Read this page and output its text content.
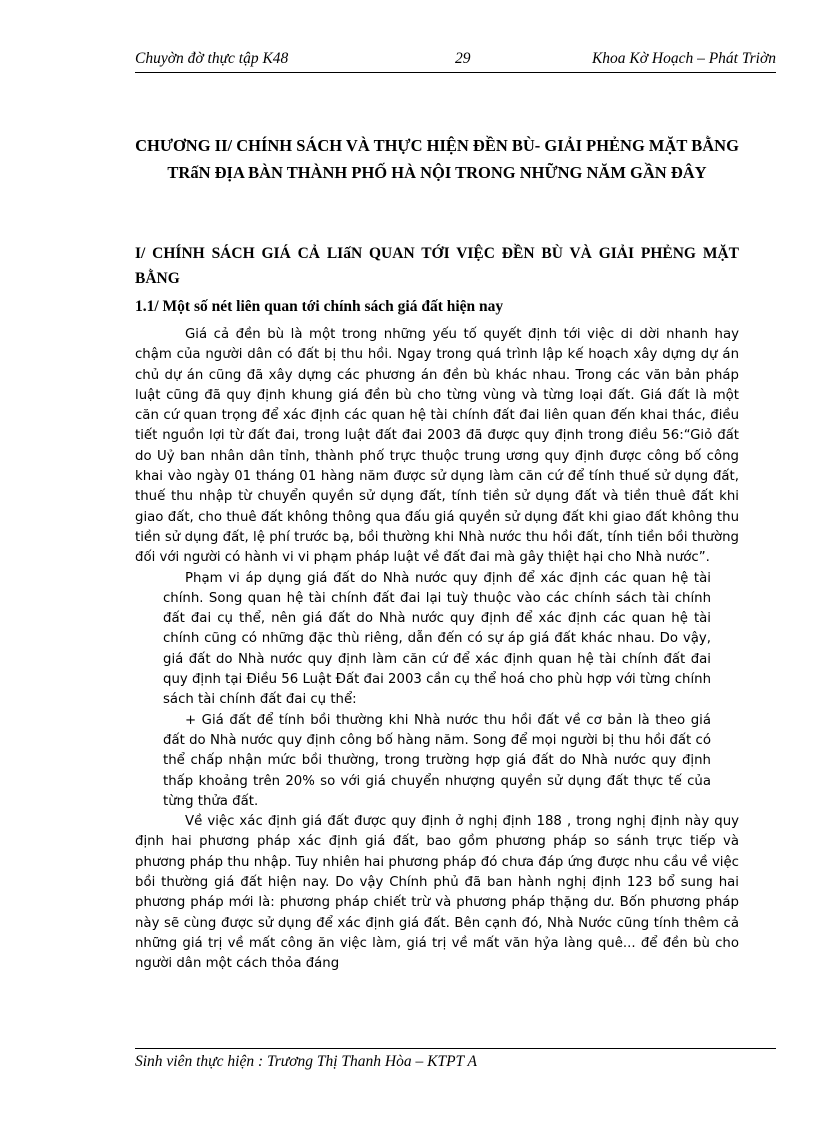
Chuyờn đờ thực tập K48	29	Khoa Kờ Hoạch – Phát Triờn
CHƯƠNG II/ CHÍNH SÁCH VÀ THỰC HIỆN ĐỀN BÙ- GIẢI PHẺNG MẶT BẰNG TRấN ĐỊA BÀN THÀNH PHỐ HÀ NỘI TRONG NHỮNG NĂM GẦN ĐÂY
I/ CHÍNH SÁCH GIÁ CẢ LIấN QUAN TỚI VIỆC ĐỀN BÙ VÀ GIẢI PHẺNG MẶT BẰNG
1.1/ Một số nét liên quan tới chính sách giá đất hiện nay

Giá cả đền bù là một trong những yếu tố quyết định tới việc di dời nhanh hay chậm của người dân có đất bị thu hồi. Ngay trong quá trình lập kế hoạch xây dựng dự án chủ dự án cũng đã xây dựng các phương án đền bù khác nhau. Trong các văn bản pháp luật cũng đã quy định khung giá đền bù cho từng vùng và từng loại đất. Giá đất là một căn cứ quan trọng để xác định các quan hệ tài chính đất đai liên quan đến khai thác, điều tiết nguồn lợi từ đất đai, trong luật đất đai 2003 đã được quy định trong điều 56:“Giỏ đất do Uỷ ban nhân dân tỉnh, thành phố trực thuộc trung ương quy định được công bố công khai vào ngày 01 tháng 01 hàng năm được sử dụng làm căn cứ để tính thuế sử dụng đất, thuế thu nhập từ chuyển quyền sử dụng đất, tính tiền sử dụng đất và tiền thuê đất khi giao đất, cho thuê đất không thông qua đấu giá quyền sử dụng đất khi giao đất không thu tiền sử dụng đất, lệ phí trước bạ, bồi thường khi Nhà nước thu hồi đất, tính tiền bồi thường đối với người có hành vi vi phạm pháp luật về đất đai mà gây thiệt hại cho Nhà nước”.

Phạm vi áp dụng giá đất do Nhà nước quy định để xác định các quan hệ tài chính. Song quan hệ tài chính đất đai lại tuỳ thuộc vào các chính sách tài chính đất đai cụ thể, nên giá đất do Nhà nước quy định để xác định các quan hệ tài chính cũng có những đặc thù riêng, dẫn đến có sự áp giá đất khác nhau. Do vậy, giá đất do Nhà nước quy định làm căn cứ để xác định quan hệ tài chính đất đai quy định tại Điều 56 Luật Đất đai 2003 cần cụ thể hoá cho phù hợp với từng chính sách tài chính đất đai cụ thể:

+ Giá đất để tính bồi thường khi Nhà nước thu hồi đất về cơ bản là theo giá đất do Nhà nước quy định công bố hàng năm. Song để mọi người bị thu hồi đất có thể chấp nhận mức bồi thường, trong trường hợp giá đất do Nhà nước quy định thấp khoảng trên 20% so với giá chuyển nhượng quyền sử dụng đất thực tế của từng thửa đất.

Về việc xác định giá đất được quy định ở nghị định 188 , trong nghị định này quy định hai phương pháp xác định giá đất, bao gồm phương pháp so sánh trực tiếp và phương pháp thu nhập. Tuy nhiên hai phương pháp đó chưa đáp ứng được nhu cầu về việc bồi thường giá đất hiện nay. Do vậy Chính phủ đã ban hành nghị định 123 bổ sung hai phương pháp mới là: phương pháp chiết trừ và phương pháp thặng dư. Bốn phương pháp này sẽ cùng được sử dụng để xác định giá đất. Bên cạnh đó, Nhà Nước cũng tính thêm cả những giá trị về mất công ăn việc làm, giá trị về mất văn hỷa làng quê... để đền bù cho người dân một cách thỏa đáng

Sinh viên thực hiện : Trương Thị Thanh Hòa – KTPT A
